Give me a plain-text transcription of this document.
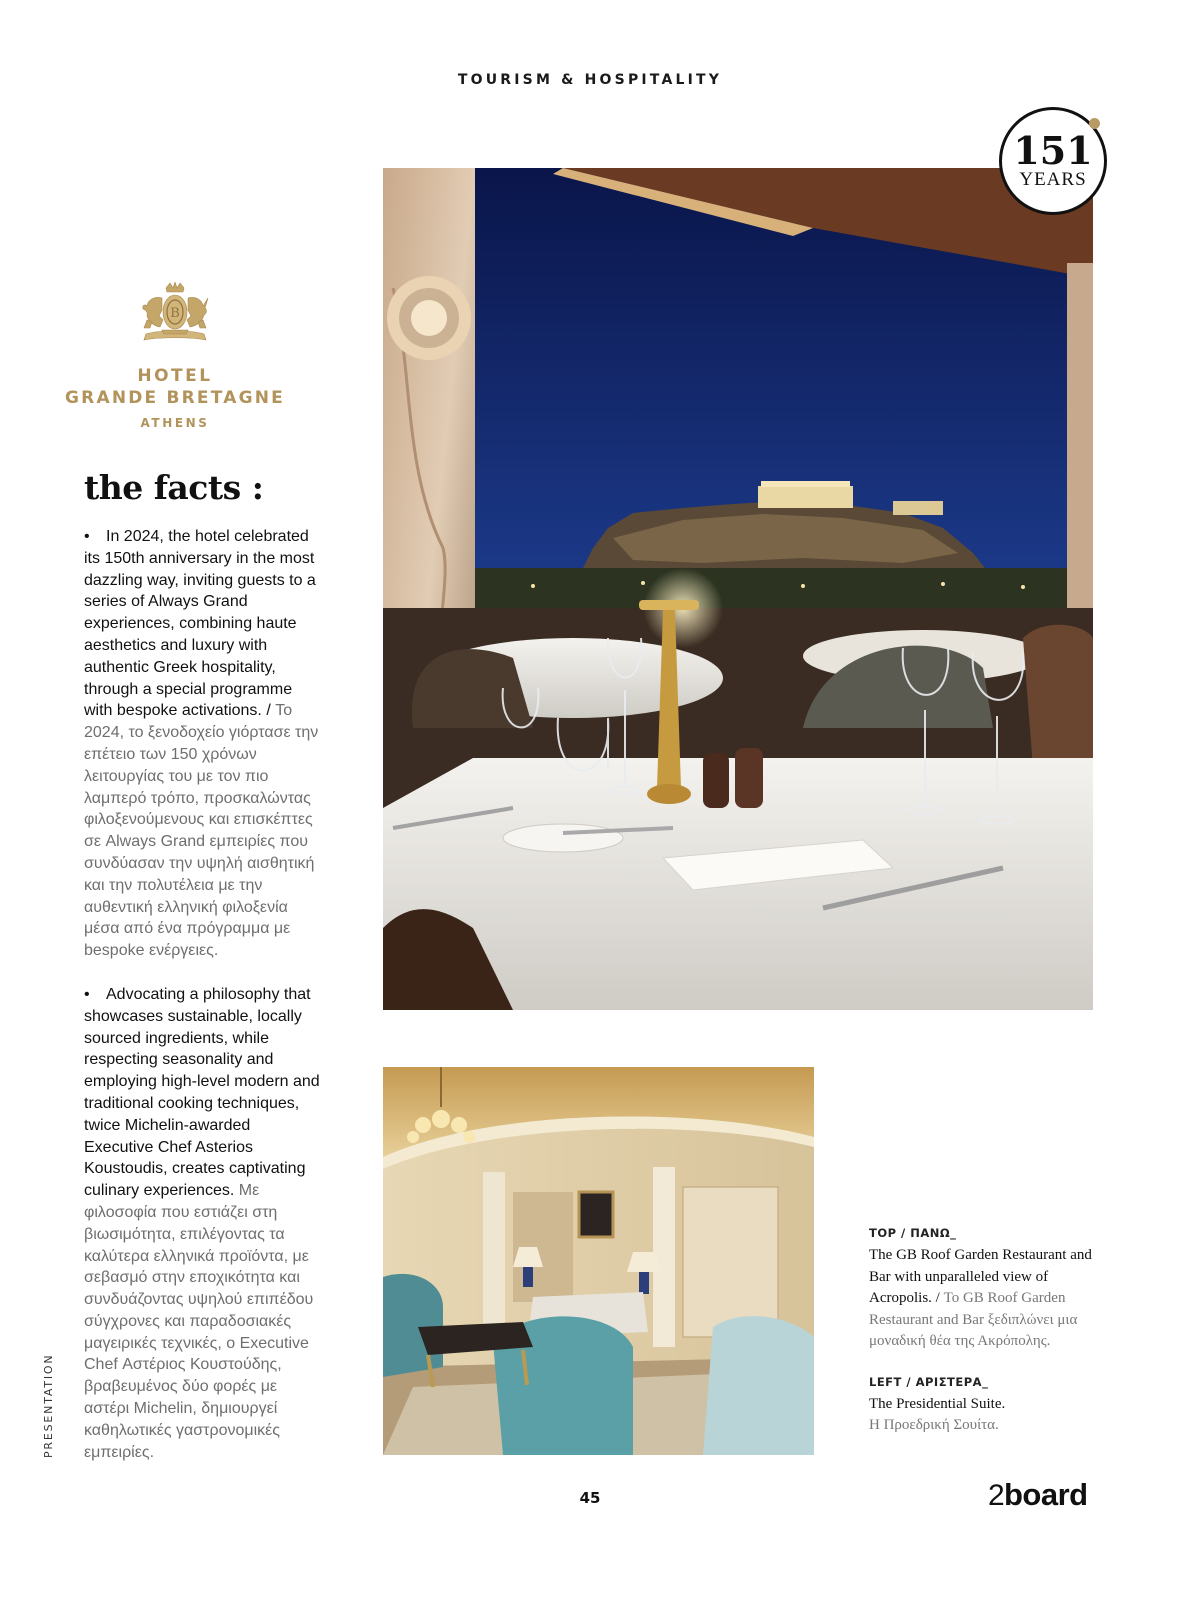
TOURISM & HOSPITALITY
151
YEARS
B
HOTEL
GRANDE BRETAGNE
ATHENS
the facts :

• In 2024, the hotel celebrated its 150th anniversary in the most dazzling way, inviting guests to a series of Always Grand experiences, combining haute aesthetics and luxury with authentic Greek hospitality, through a special programme with bespoke activations. / Το 2024, το ξενοδοχείο γιόρτασε την επέτειο των 150 χρόνων λειτουργίας του με τον πιο λαμπερό τρόπο, προσκαλώντας φιλοξενούμενους και επισκέπτες σε Always Grand εμπειρίες που συνδύασαν την υψηλή αισθητική και την πολυτέλεια με την αυθεντική ελληνική φιλοξενία μέσα από ένα πρόγραμμα με bespoke ενέργειες.

• Advocating a philosophy that showcases sustainable, locally sourced ingredients, while respecting seasonality and employing high-level modern and traditional cooking techniques, twice Michelin-awarded Executive Chef Asterios Koustoudis, creates captivating culinary experiences. Με φιλοσοφία που εστιάζει στη βιωσιμότητα, επιλέγοντας τα καλύτερα ελληνικά προϊόντα, με σεβασμό στην εποχικότητα και συνδυάζοντας υψηλού επιπέδου σύγχρονες και παραδοσιακές μαγειρικές τεχνικές, ο Executive Chef Αστέριος Κουστούδης, βραβευμένος δύο φορές με αστέρι Michelin, δημιουργεί καθηλωτικές γαστρονομικές εμπειρίες.

PRESENTATION
TOP / ΠΑΝΩ_
The GB Roof Garden Restaurant and Bar with unparalleled view of Acropolis. / Το GB Roof Garden Restaurant and Bar ξεδιπλώνει μια μοναδική θέα της Ακρόπολης.
LEFT / ΑΡΙΣΤΕΡΑ_
The Presidential Suite.
Η Προεδρική Σουίτα.
45	2 board
